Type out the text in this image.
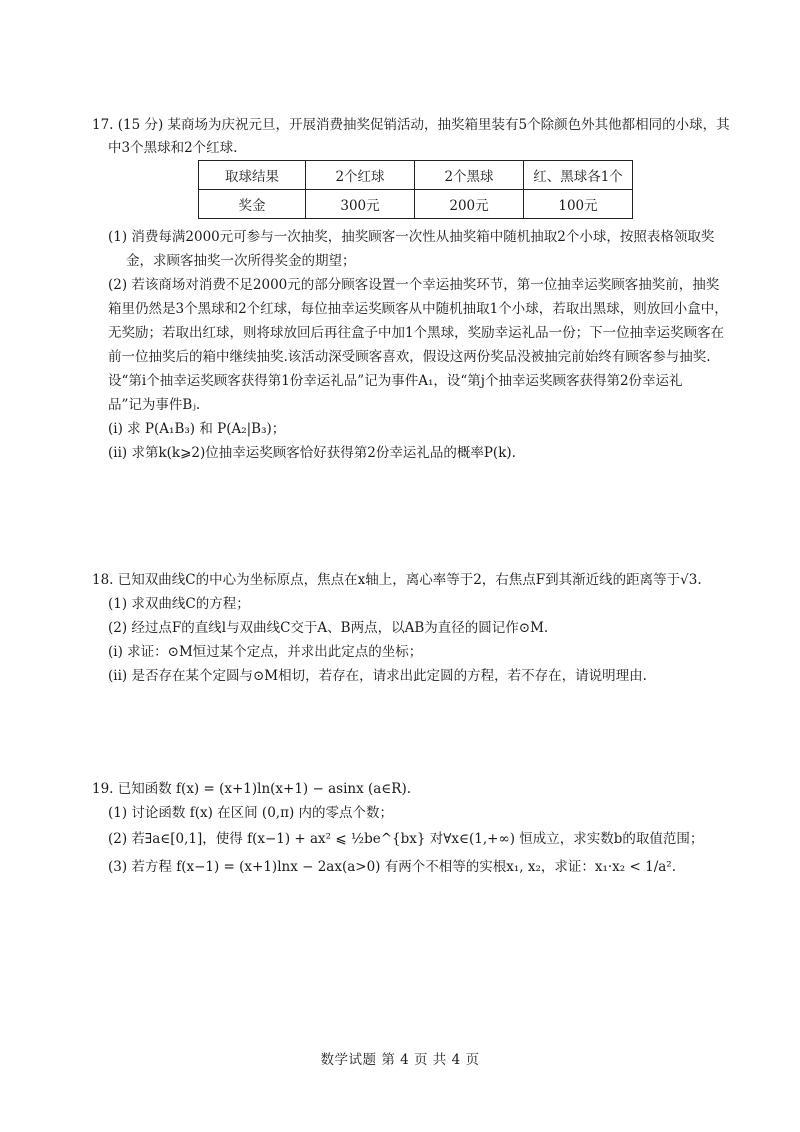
17. (15 分) 某商场为庆祝元旦，开展消费抽奖促销活动，抽奖箱里装有5个除颜色外其他都相同的小球，其
中3个黑球和2个红球.
取球结果	2个红球	2个黑球	红、黑球各1个
奖金	300元	200元	100元
(1) 消费每满2000元可参与一次抽奖，抽奖顾客一次性从抽奖箱中随机抽取2个小球，按照表格领取奖
金，求顾客抽奖一次所得奖金的期望；
(2) 若该商场对消费不足2000元的部分顾客设置一个幸运抽奖环节，第一位抽幸运奖顾客抽奖前，抽奖
箱里仍然是3个黑球和2个红球，每位抽幸运奖顾客从中随机抽取1个小球，若取出黑球，则放回小盒中，
无奖励；若取出红球，则将球放回后再往盒子中加1个黑球，奖励幸运礼品一份；下一位抽幸运奖顾客在
前一位抽奖后的箱中继续抽奖.该活动深受顾客喜欢，假设这两份奖品没被抽完前始终有顾客参与抽奖.
设“第i个抽幸运奖顾客获得第1份幸运礼品”记为事件A₁，设“第j个抽幸运奖顾客获得第2份幸运礼
品”记为事件Bⱼ.
(i) 求 P(A₁B₃) 和 P(A₂|B₃)；
(ii) 求第k(k⩾2)位抽幸运奖顾客恰好获得第2份幸运礼品的概率P(k).
18. 已知双曲线C的中心为坐标原点，焦点在x轴上，离心率等于2，右焦点F到其渐近线的距离等于√3.
(1) 求双曲线C的方程；
(2) 经过点F的直线l与双曲线C交于A、B两点，以AB为直径的圆记作⊙M.
(i) 求证：⊙M恒过某个定点，并求出此定点的坐标；
(ii) 是否存在某个定圆与⊙M相切，若存在，请求出此定圆的方程，若不存在，请说明理由.
19. 已知函数 f(x) = (x+1)ln(x+1) − asinx (a∈R).
(1) 讨论函数 f(x) 在区间 (0,π) 内的零点个数；
(2) 若∃a∈[0,1]，使得 f(x−1) + ax² ⩽ ½be^{bx} 对∀x∈(1,+∞) 恒成立，求实数b的取值范围；
(3) 若方程 f(x−1) = (x+1)lnx − 2ax(a>0) 有两个不相等的实根x₁, x₂，求证：x₁·x₂ < 1/a².
数学试题 第 4 页 共 4 页
